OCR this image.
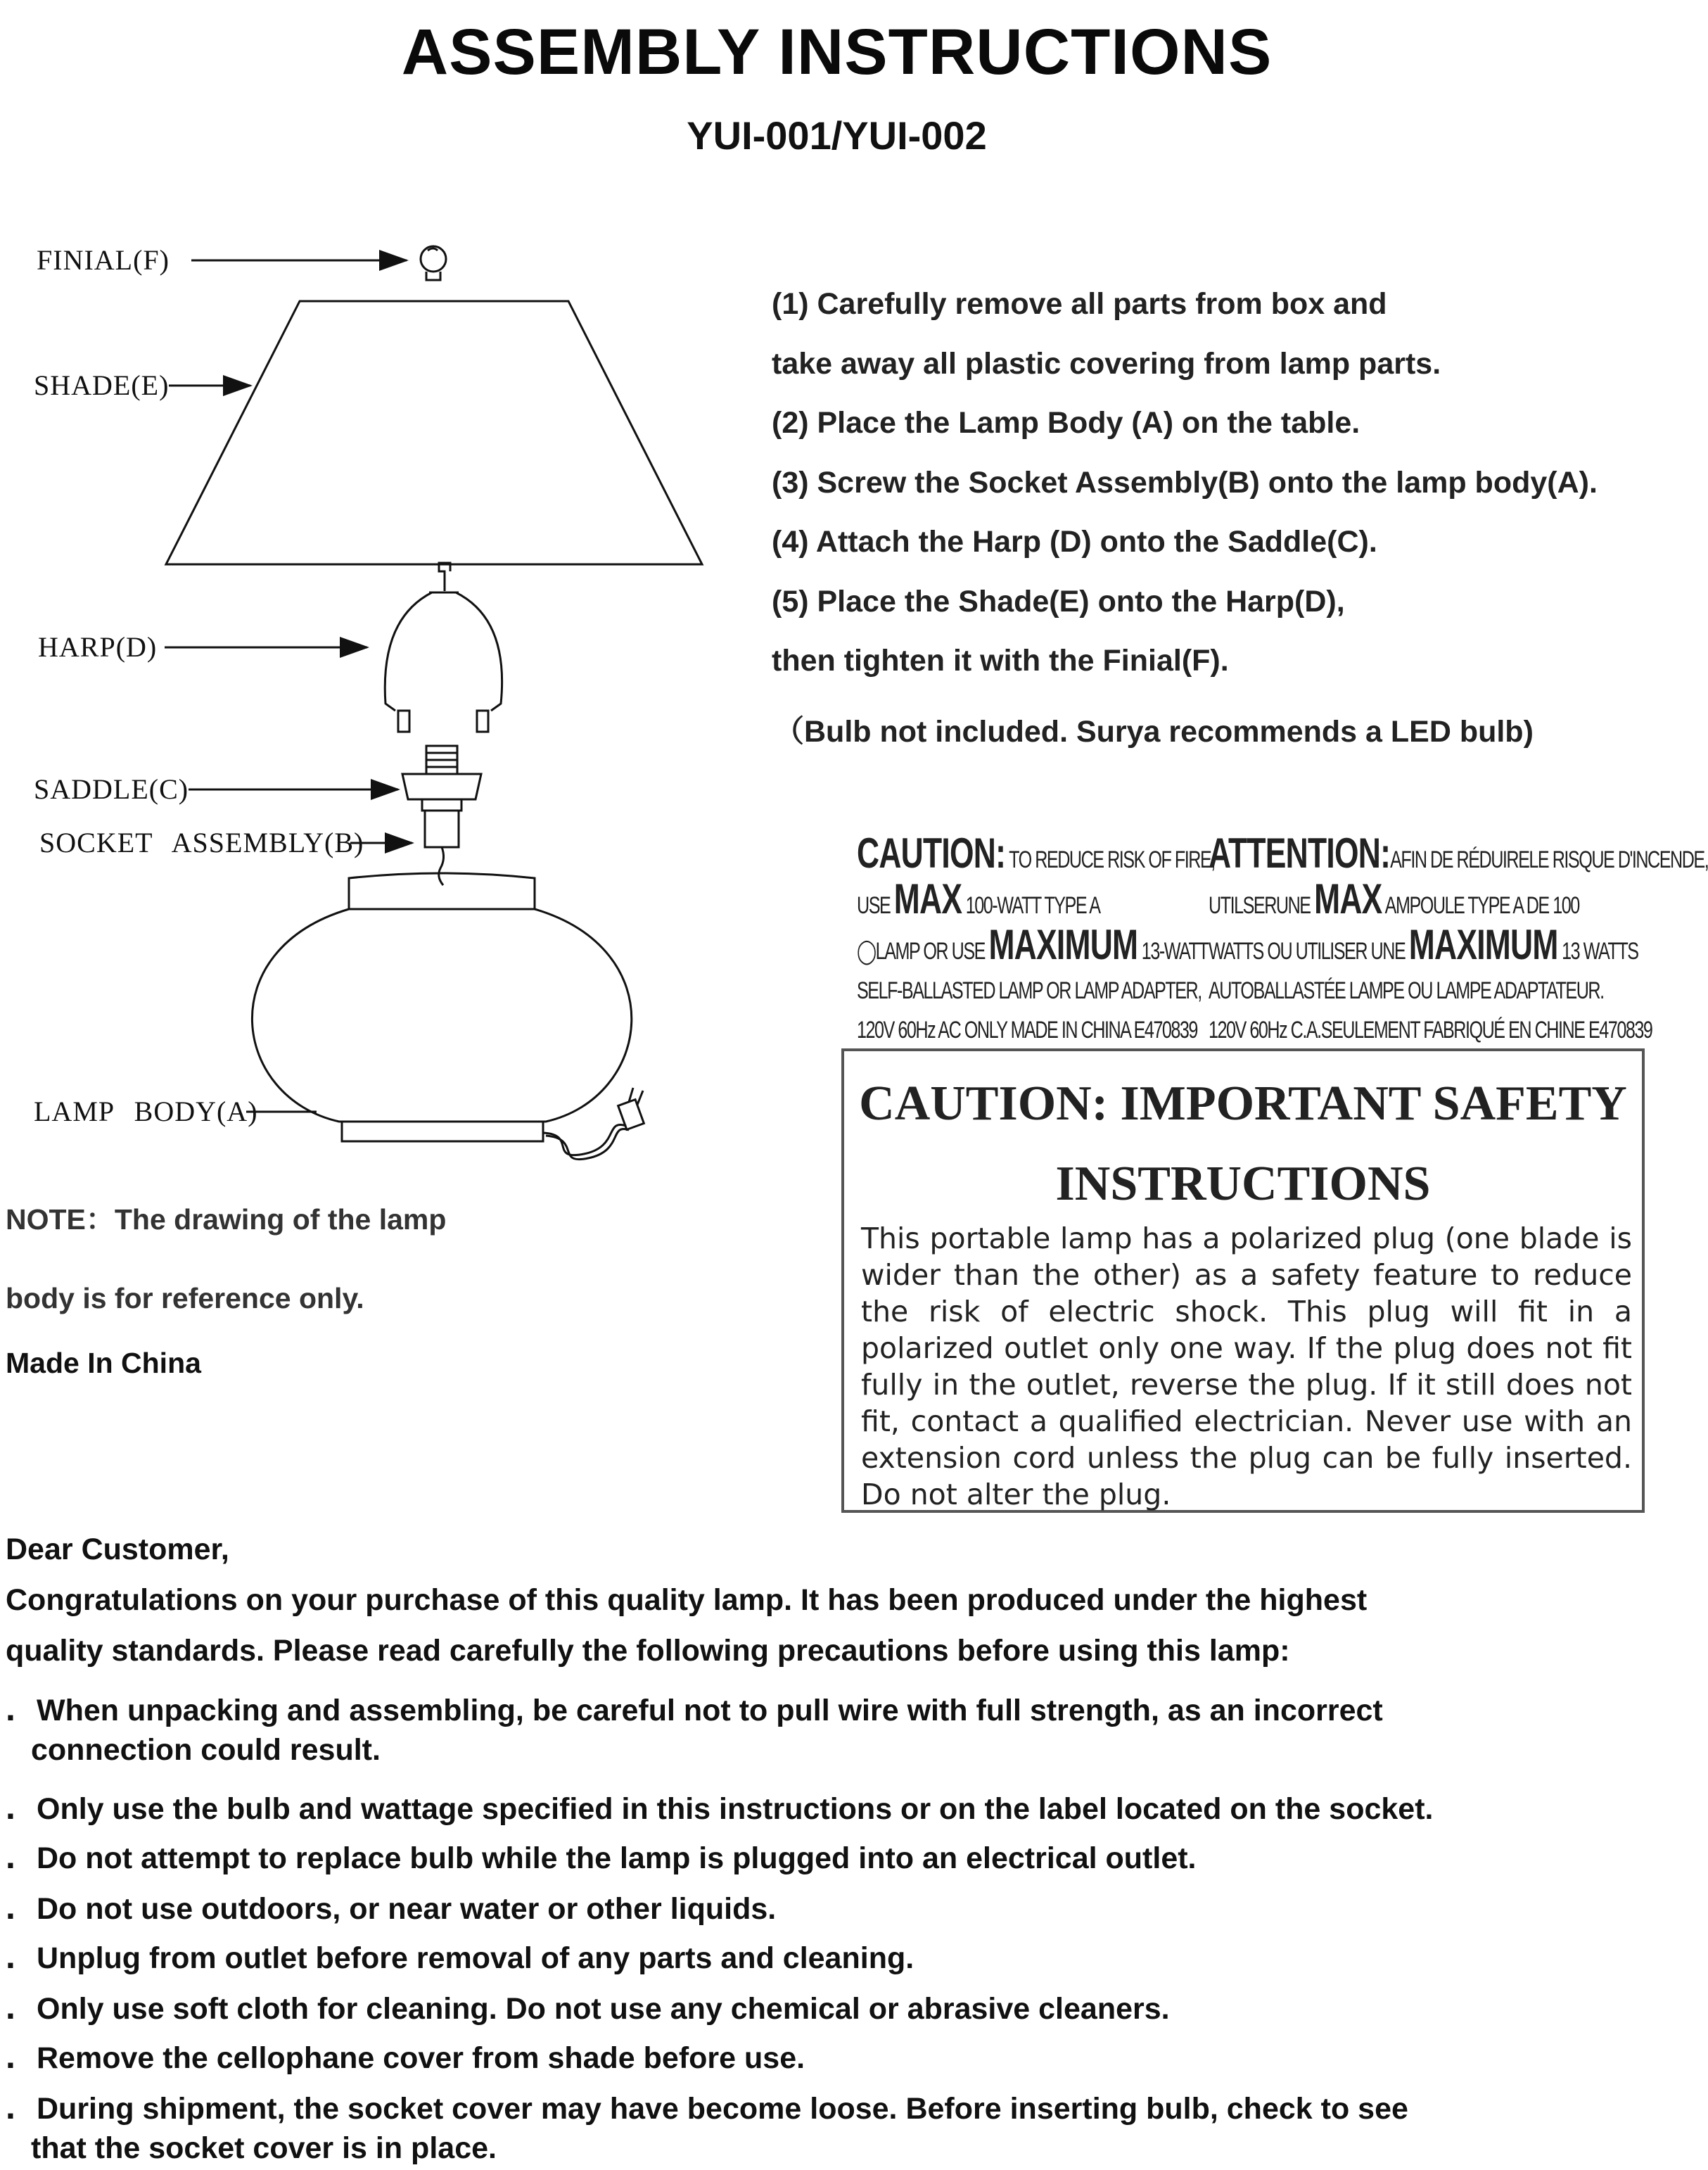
ASSEMBLY INSTRUCTIONS
YUI-001/YUI-002
FINIAL(F)
SHADE(E)
HARP(D)
SADDLE(C)
SOCKET ASSEMBLY(B)
LAMP BODY(A)
(1) Carefully remove all parts from box and
take away all plastic covering from lamp parts.
(2) Place the Lamp Body (A) on the table.
(3) Screw the Socket Assembly(B) onto the lamp body(A).
(4) Attach the Harp (D) onto the Saddle(C).
(5) Place the Shade(E) onto the Harp(D),
then tighten it with the Finial(F).
（Bulb not included. Surya recommends a LED bulb)
NOTE：The drawing of the lamp
body is for reference only.
Made In China
CAUTION: TO REDUCE RISK OF FIRE,
USE MAX 100-WATT TYPE A
◯LAMP OR USE MAXIMUM 13-WATT
SELF-BALLASTED LAMP OR LAMP ADAPTER,
120V 60Hz AC ONLY MADE IN CHINA E470839
ATTENTION:AFIN DE RÉDUIRELE RISQUE D'INCENDE,
UTILSERUNE MAX AMPOULE TYPE A DE 100
WATTS OU UTILISER UNE MAXIMUM 13 WATTS
AUTOBALLASTÉE LAMPE OU LAMPE ADAPTATEUR.
120V 60Hz C.A.SEULEMENT FABRIQUÉ EN CHINE E470839
CAUTION: IMPORTANT SAFETY
INSTRUCTIONS
This portable lamp has a polarized plug (one blade is wider than the other) as a safety feature to reduce the risk of electric shock. This plug will fit in a polarized outlet only one way. If the plug does not fit fully in the outlet, reverse the plug. If it still does not fit, contact a qualified electrician. Never use with an extension cord unless the plug can be fully inserted. Do not alter the plug.
Dear Customer,
Congratulations on your purchase of this quality lamp. It has been produced under the highest
quality standards. Please read carefully the following precautions before using this lamp:
. When unpacking and assembling, be careful not to pull wire with full strength, as an incorrect
connection could result.
. Only use the bulb and wattage specified in this instructions or on the label located on the socket.
. Do not attempt to replace bulb while the lamp is plugged into an electrical outlet.
. Do not use outdoors, or near water or other liquids.
. Unplug from outlet before removal of any parts and cleaning.
. Only use soft cloth for cleaning. Do not use any chemical or abrasive cleaners.
. Remove the cellophane cover from shade before use.
. During shipment, the socket cover may have become loose. Before inserting bulb, check to see
that the socket cover is in place.
